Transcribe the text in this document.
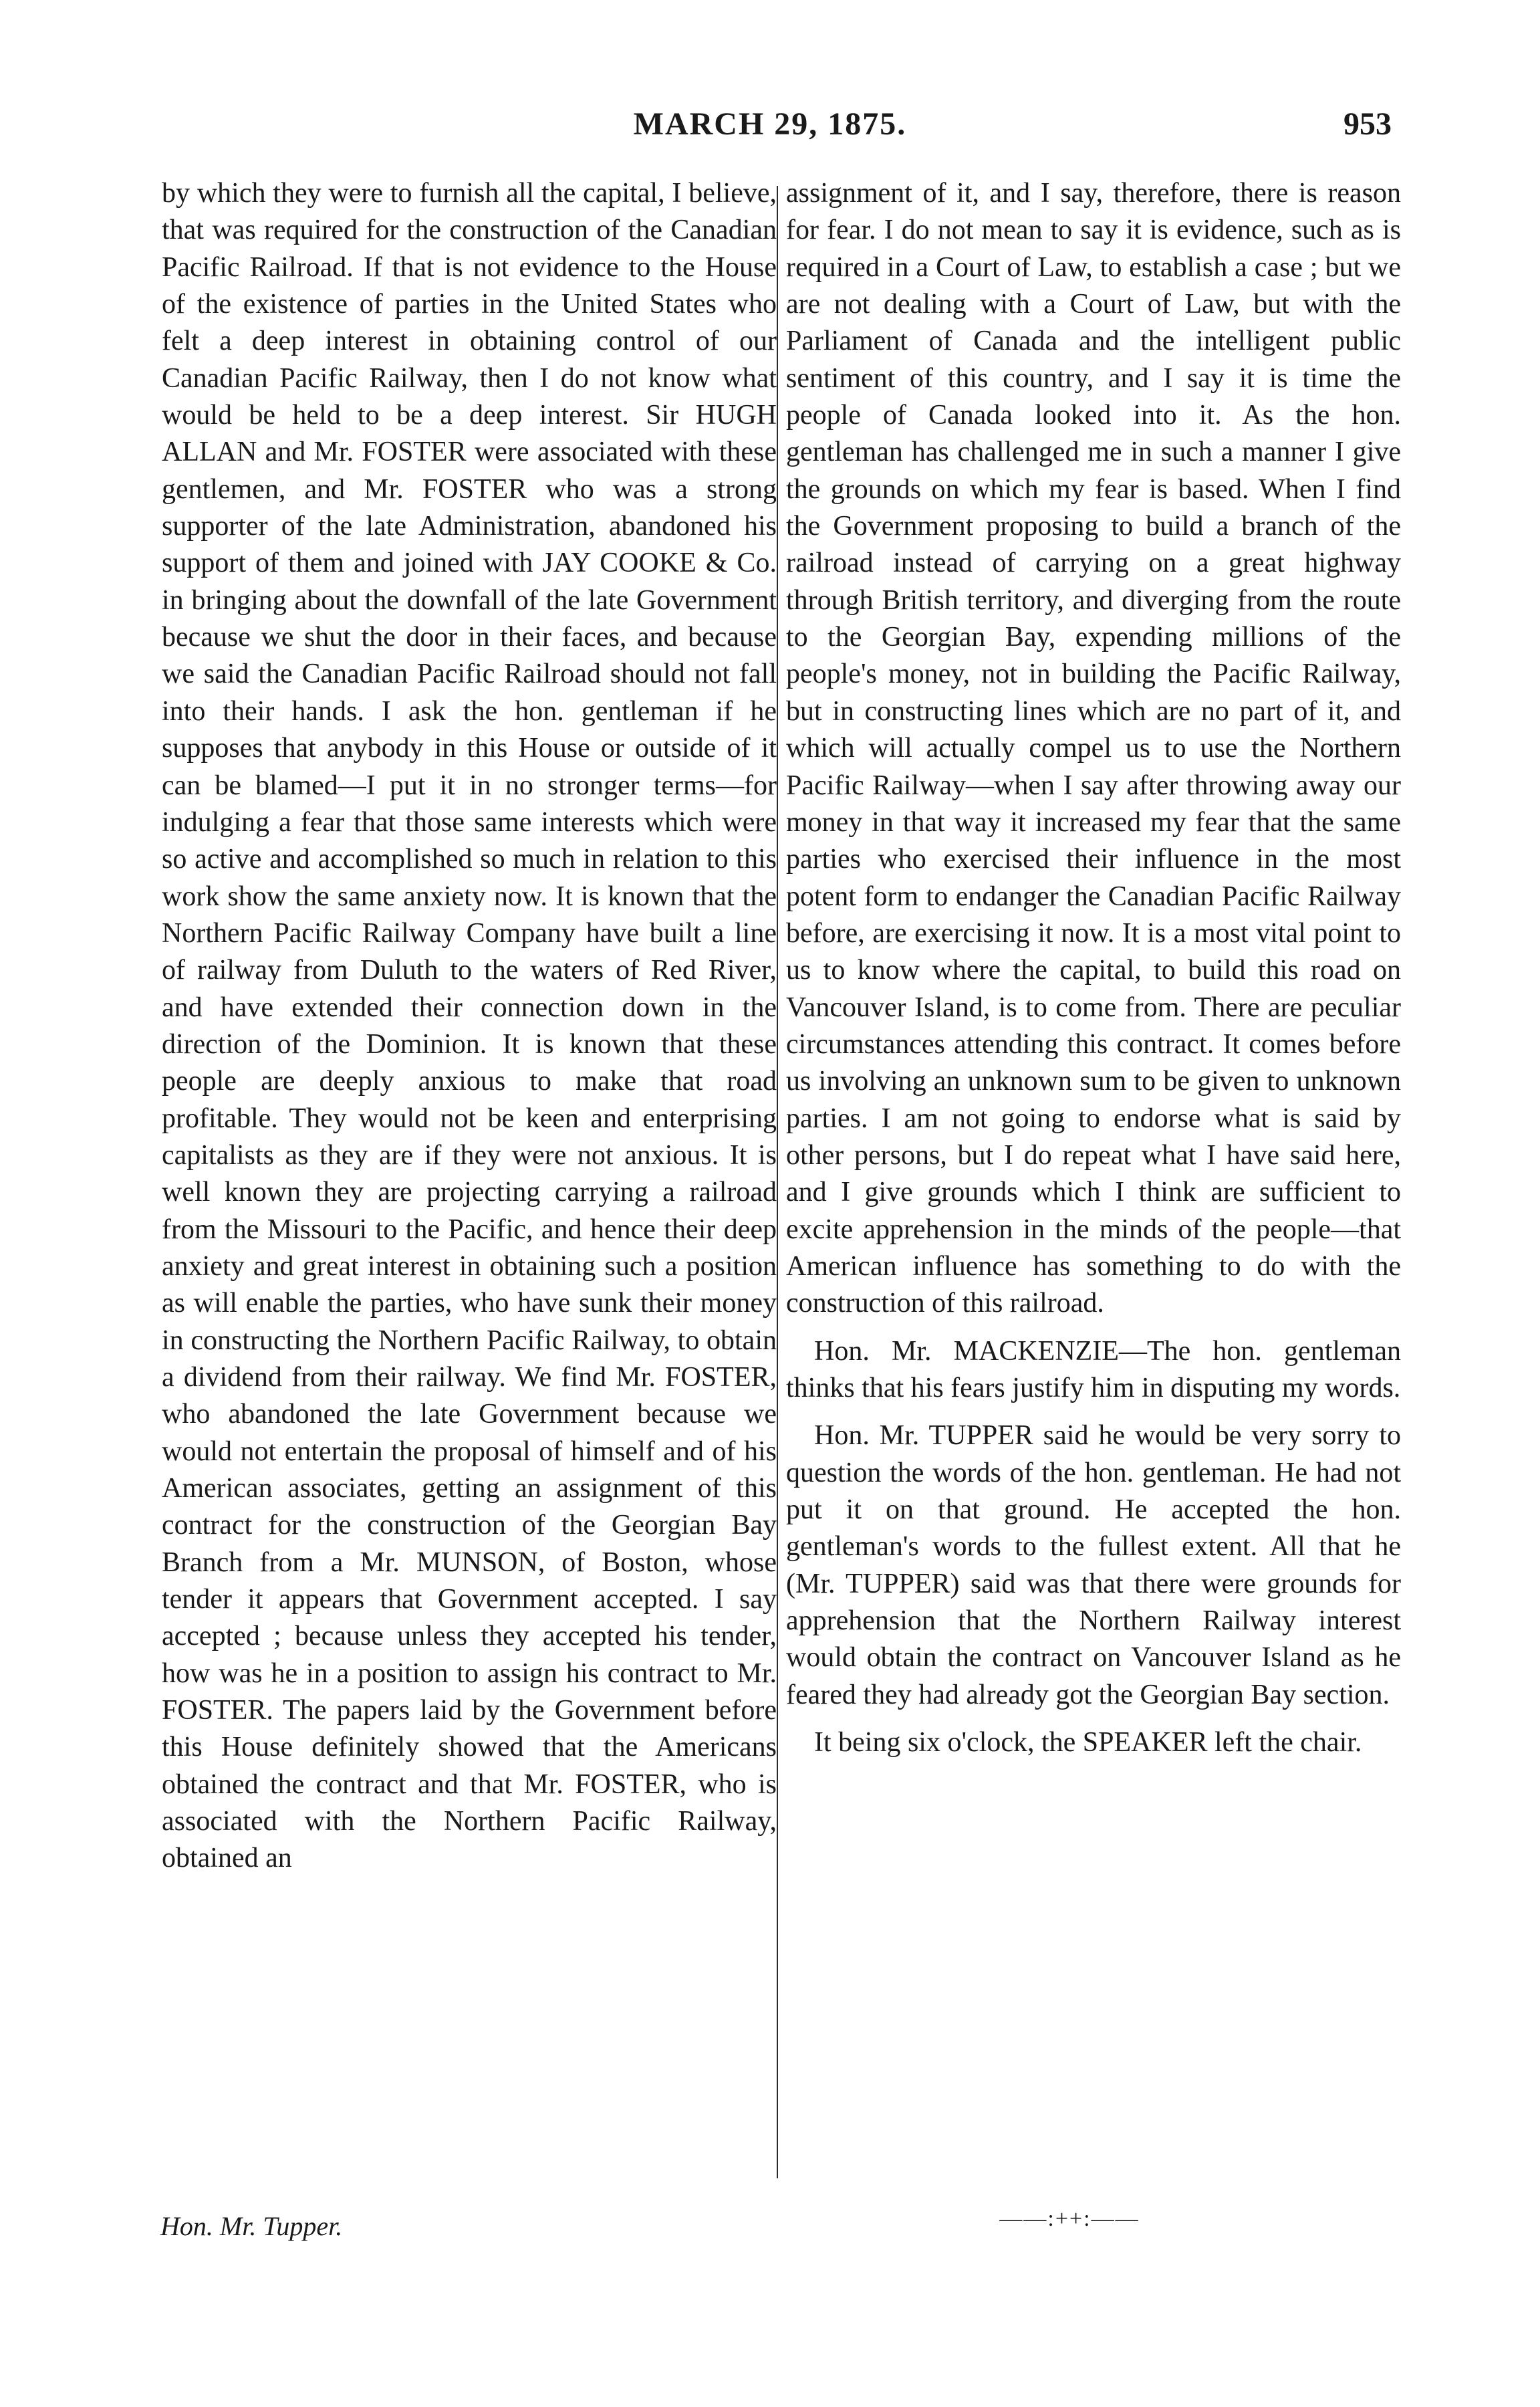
MARCH 29, 1875.	953

by which they were to furnish all the capital, I believe, that was required for the construction of the Canadian Pacific Railroad. If that is not evidence to the House of the existence of parties in the United States who felt a deep interest in obtaining control of our Canadian Pacific Railway, then I do not know what would be held to be a deep interest. Sir HUGH ALLAN and Mr. FOSTER were associated with these gentlemen, and Mr. FOSTER who was a strong supporter of the late Administration, abandoned his support of them and joined with JAY COOKE & Co. in bringing about the downfall of the late Government because we shut the door in their faces, and because we said the Canadian Pacific Railroad should not fall into their hands. I ask the hon. gentleman if he supposes that anybody in this House or outside of it can be blamed—I put it in no stronger terms—for indulging a fear that those same interests which were so active and accomplished so much in relation to this work show the same anxiety now. It is known that the Northern Pacific Railway Company have built a line of railway from Duluth to the waters of Red River, and have extended their connection down in the direction of the Dominion. It is known that these people are deeply anxious to make that road profitable. They would not be keen and enterprising capitalists as they are if they were not anxious. It is well known they are projecting carrying a railroad from the Missouri to the Pacific, and hence their deep anxiety and great interest in obtaining such a position as will enable the parties, who have sunk their money in constructing the Northern Pacific Railway, to obtain a dividend from their railway. We find Mr. FOSTER, who abandoned the late Government because we would not entertain the proposal of himself and of his American associates, getting an assignment of this contract for the construction of the Georgian Bay Branch from a Mr. MUNSON, of Boston, whose tender it appears that Government accepted. I say accepted ; because unless they accepted his tender, how was he in a position to assign his contract to Mr. FOSTER. The papers laid by the Government before this House definitely showed that the Americans obtained the contract and that Mr. FOSTER, who is associated with the Northern Pacific Railway, obtained an

assignment of it, and I say, therefore, there is reason for fear. I do not mean to say it is evidence, such as is required in a Court of Law, to establish a case ; but we are not dealing with a Court of Law, but with the Parliament of Canada and the intelligent public sentiment of this country, and I say it is time the people of Canada looked into it. As the hon. gentleman has challenged me in such a manner I give the grounds on which my fear is based. When I find the Government proposing to build a branch of the railroad instead of carrying on a great highway through British territory, and diverging from the route to the Georgian Bay, expending millions of the people's money, not in building the Pacific Railway, but in constructing lines which are no part of it, and which will actually compel us to use the Northern Pacific Railway—when I say after throwing away our money in that way it increased my fear that the same parties who exercised their influence in the most potent form to endanger the Canadian Pacific Railway before, are exercising it now. It is a most vital point to us to know where the capital, to build this road on Vancouver Island, is to come from. There are peculiar circumstances attending this contract. It comes before us involving an unknown sum to be given to unknown parties. I am not going to endorse what is said by other persons, but I do repeat what I have said here, and I give grounds which I think are sufficient to excite apprehension in the minds of the people—that American influence has something to do with the construction of this railroad.

Hon. Mr. MACKENZIE—The hon. gentleman thinks that his fears justify him in disputing my words.

Hon. Mr. TUPPER said he would be very sorry to question the words of the hon. gentleman. He had not put it on that ground. He accepted the hon. gentleman's words to the fullest extent. All that he (Mr. TUPPER) said was that there were grounds for apprehension that the Northern Railway interest would obtain the contract on Vancouver Island as he feared they had already got the Georgian Bay section.

It being six o'clock, the SPEAKER left the chair.

Hon. Mr. Tupper.	——:++:——
